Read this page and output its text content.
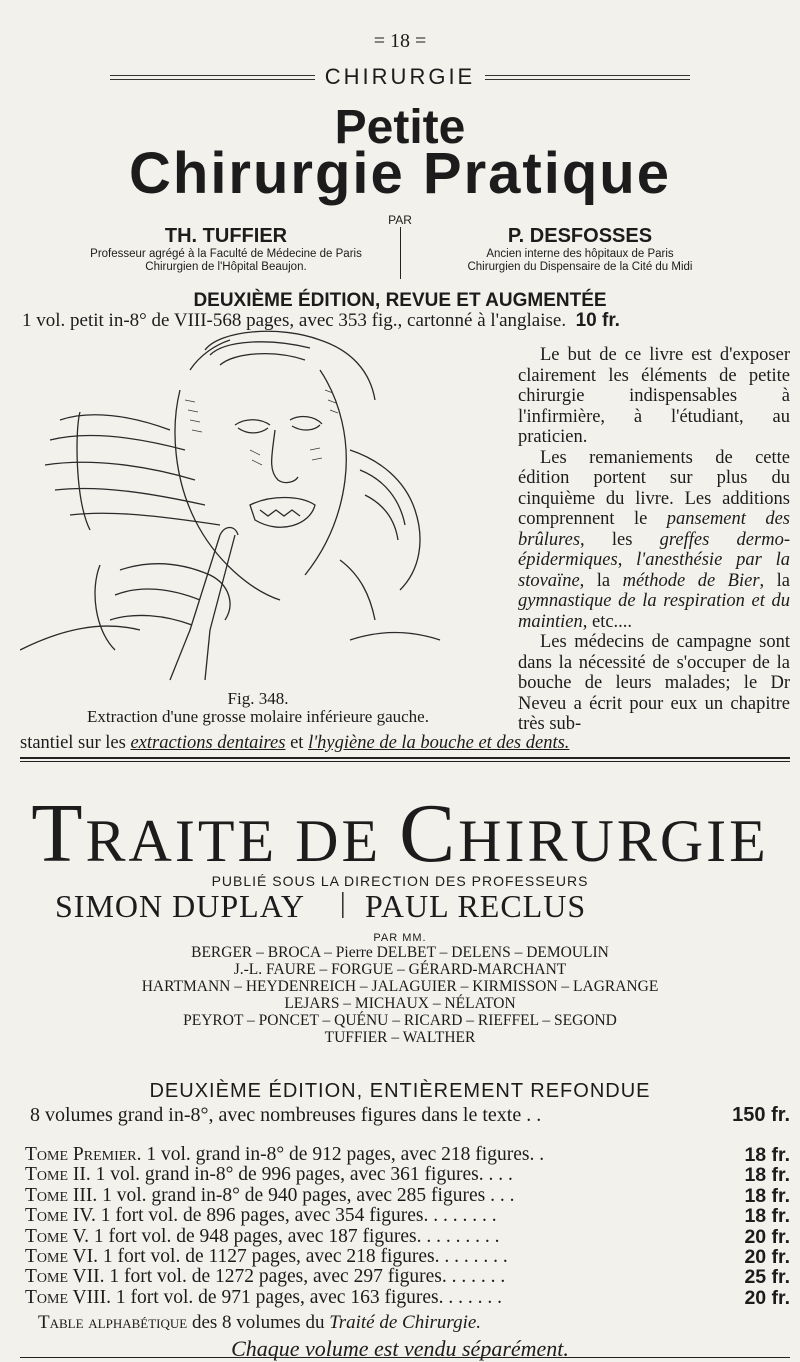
= 18 =
CHIRURGIE
Petite
Chirurgie Pratique
PAR
TH. TUFFIER
Professeur agrégé à la Faculté de Médecine de Paris
Chirurgien de l'Hôpital Beaujon.
P. DESFOSSES
Ancien interne des hôpitaux de Paris
Chirurgien du Dispensaire de la Cité du Midi
DEUXIÈME ÉDITION, REVUE ET AUGMENTÉE
1 vol. petit in-8° de VIII-568 pages, avec 353 fig., cartonné à l'anglaise. 10 fr.
Fig. 348.
Extraction d'une grosse molaire inférieure gauche.

Le but de ce livre est d'exposer clairement les éléments de petite chirurgie indispensables à l'infirmière, à l'étudiant, au praticien.

Les remaniements de cette édition portent sur plus du cinquième du livre. Les additions comprennent le pansement des brûlures, les greffes dermo-épidermiques, l'anesthésie par la stovaïne, la méthode de Bier, la gymnastique de la respiration et du maintien, etc....

Les médecins de campagne sont dans la nécessité de s'occuper de la bouche de leurs malades; le Dr Neveu a écrit pour eux un chapitre très sub-

stantiel sur les extractions dentaires et l'hygiène de la bouche et des dents.
TRAITE DE CHIRURGIE
PUBLIÉ SOUS LA DIRECTION DES PROFESSEURS
SIMON DUPLAY | PAUL RECLUS
PAR MM.
BERGER – BROCA – Pierre DELBET – DELENS – DEMOULIN
J.-L. FAURE – FORGUE – GÉRARD-MARCHANT
HARTMANN – HEYDENREICH – JALAGUIER – KIRMISSON – LAGRANGE
LEJARS – MICHAUX – NÉLATON
PEYROT – PONCET – QUÉNU – RICARD – RIEFFEL – SEGOND
TUFFIER – WALTHER
DEUXIÈME ÉDITION, ENTIÈREMENT REFONDUE
8 volumes grand in-8°, avec nombreuses figures dans le texte . .	150 fr.
Tome Premier. 1 vol. grand in-8° de 912 pages, avec 218 figures. .	18 fr.
Tome II. 1 vol. grand in-8° de 996 pages, avec 361 figures. . . .	18 fr.
Tome III. 1 vol. grand in-8° de 940 pages, avec 285 figures . . .	18 fr.
Tome IV. 1 fort vol. de 896 pages, avec 354 figures. . . . . . . .	18 fr.
Tome V. 1 fort vol. de 948 pages, avec 187 figures. . . . . . . . .	20 fr.
Tome VI. 1 fort vol. de 1127 pages, avec 218 figures. . . . . . . .	20 fr.
Tome VII. 1 fort vol. de 1272 pages, avec 297 figures. . . . . . .	25 fr.
Tome VIII. 1 fort vol. de 971 pages, avec 163 figures. . . . . . .	20 fr.
Table alphabétique des 8 volumes du Traité de Chirurgie.
Chaque volume est vendu séparément.
